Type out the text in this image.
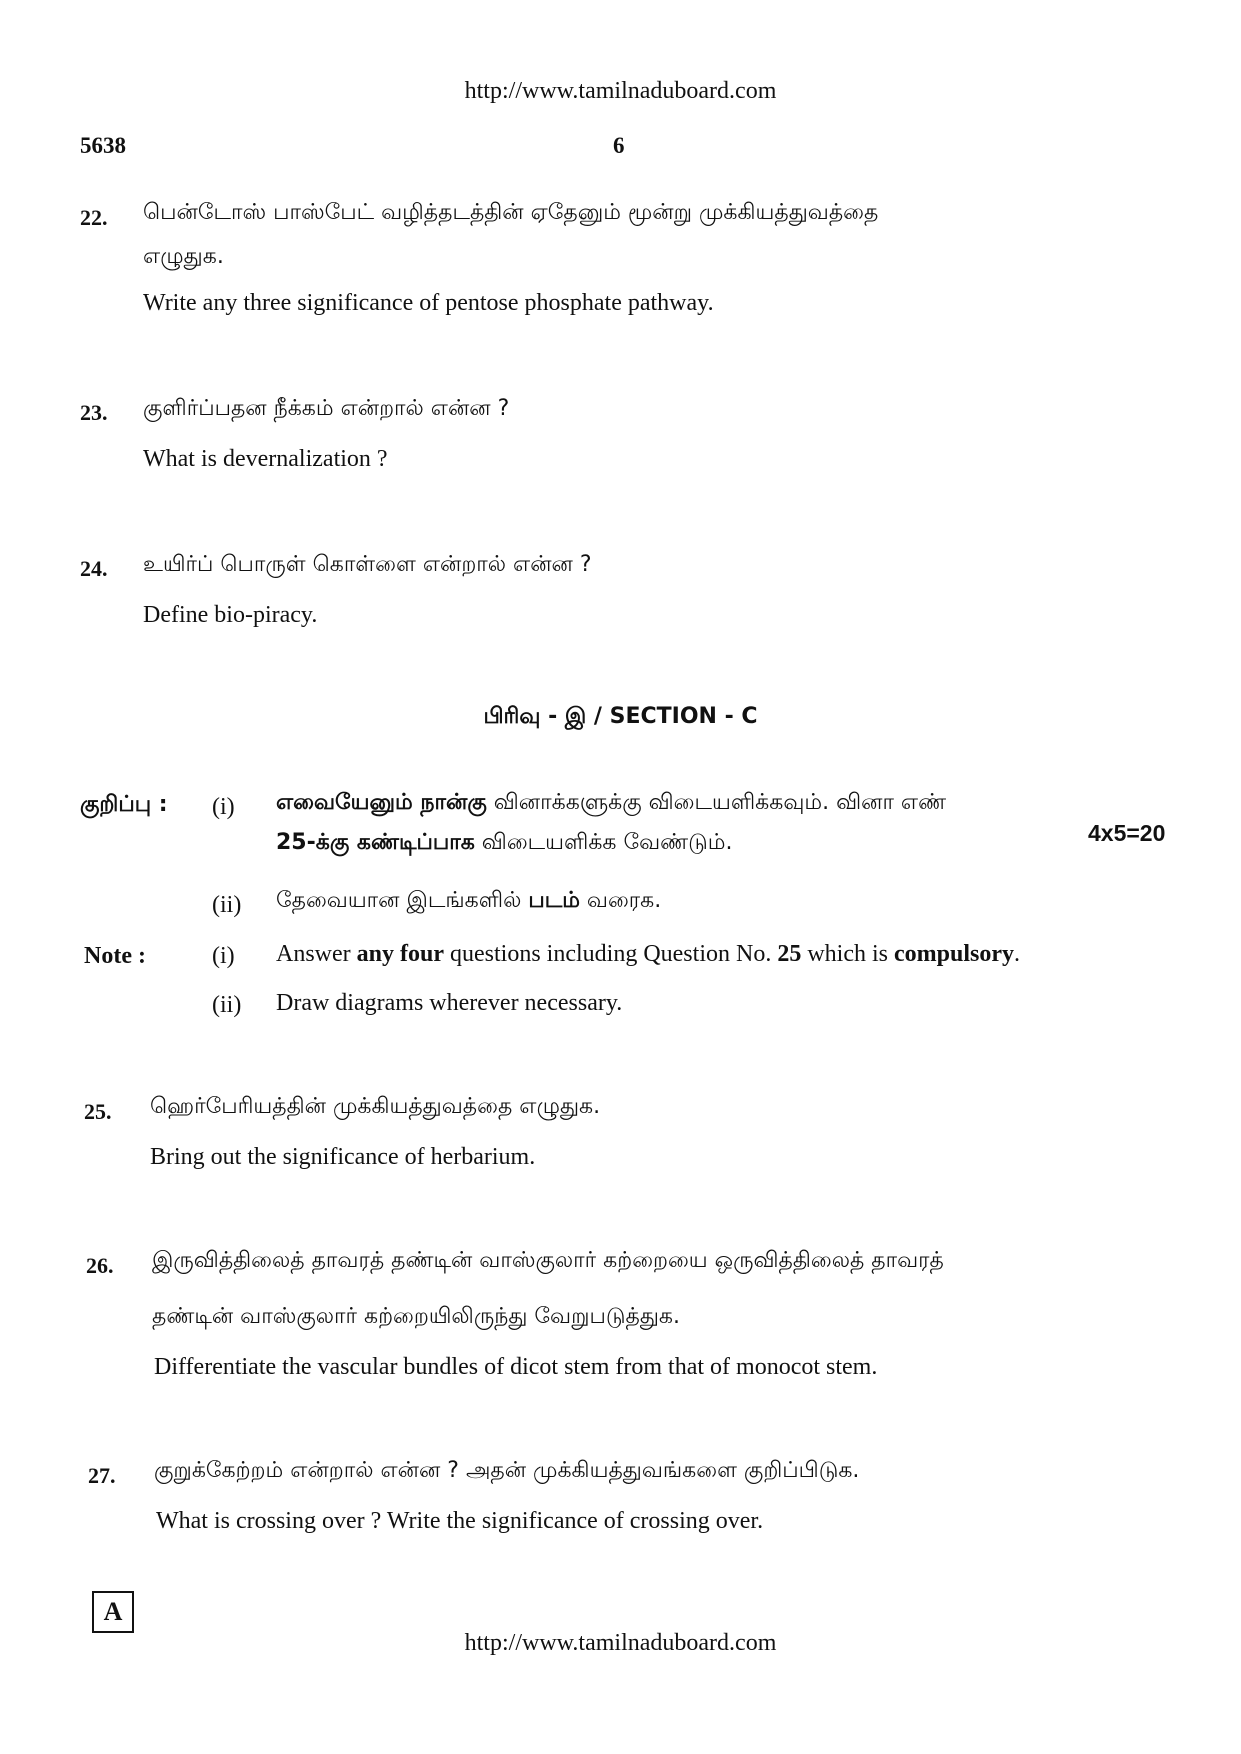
http://www.tamilnaduboard.com
5638	6
22. பென்டோஸ் பாஸ்பேட் வழித்தடத்தின் ஏதேனும் மூன்று முக்கியத்துவத்தை
எழுதுக.
Write any three significance of pentose phosphate pathway.
23. குளிர்ப்பதன நீக்கம் என்றால் என்ன ?
What is devernalization ?
24. உயிர்ப் பொருள் கொள்ளை என்றால் என்ன ?
Define bio-piracy.
பிரிவு - இ / SECTION - C
குறிப்பு : (i) எவையேனும் நான்கு வினாக்களுக்கு விடையளிக்கவும். வினா எண்
25-க்கு கண்டிப்பாக விடையளிக்க வேண்டும்.	4x5=20
(ii) தேவையான இடங்களில் படம் வரைக.
Note :	(i) Answer any four questions including Question No. 25 which is compulsory.
(ii) Draw diagrams wherever necessary.
25. ஹெர்பேரியத்தின் முக்கியத்துவத்தை எழுதுக.
Bring out the significance of herbarium.
26. இருவித்திலைத் தாவரத் தண்டின் வாஸ்குலார் கற்றையை ஒருவித்திலைத் தாவரத்
தண்டின் வாஸ்குலார் கற்றையிலிருந்து வேறுபடுத்துக.
Differentiate the vascular bundles of dicot stem from that of monocot stem.
27. குறுக்கேற்றம் என்றால் என்ன ? அதன் முக்கியத்துவங்களை குறிப்பிடுக.
What is crossing over ? Write the significance of crossing over.
A
http://www.tamilnaduboard.com
